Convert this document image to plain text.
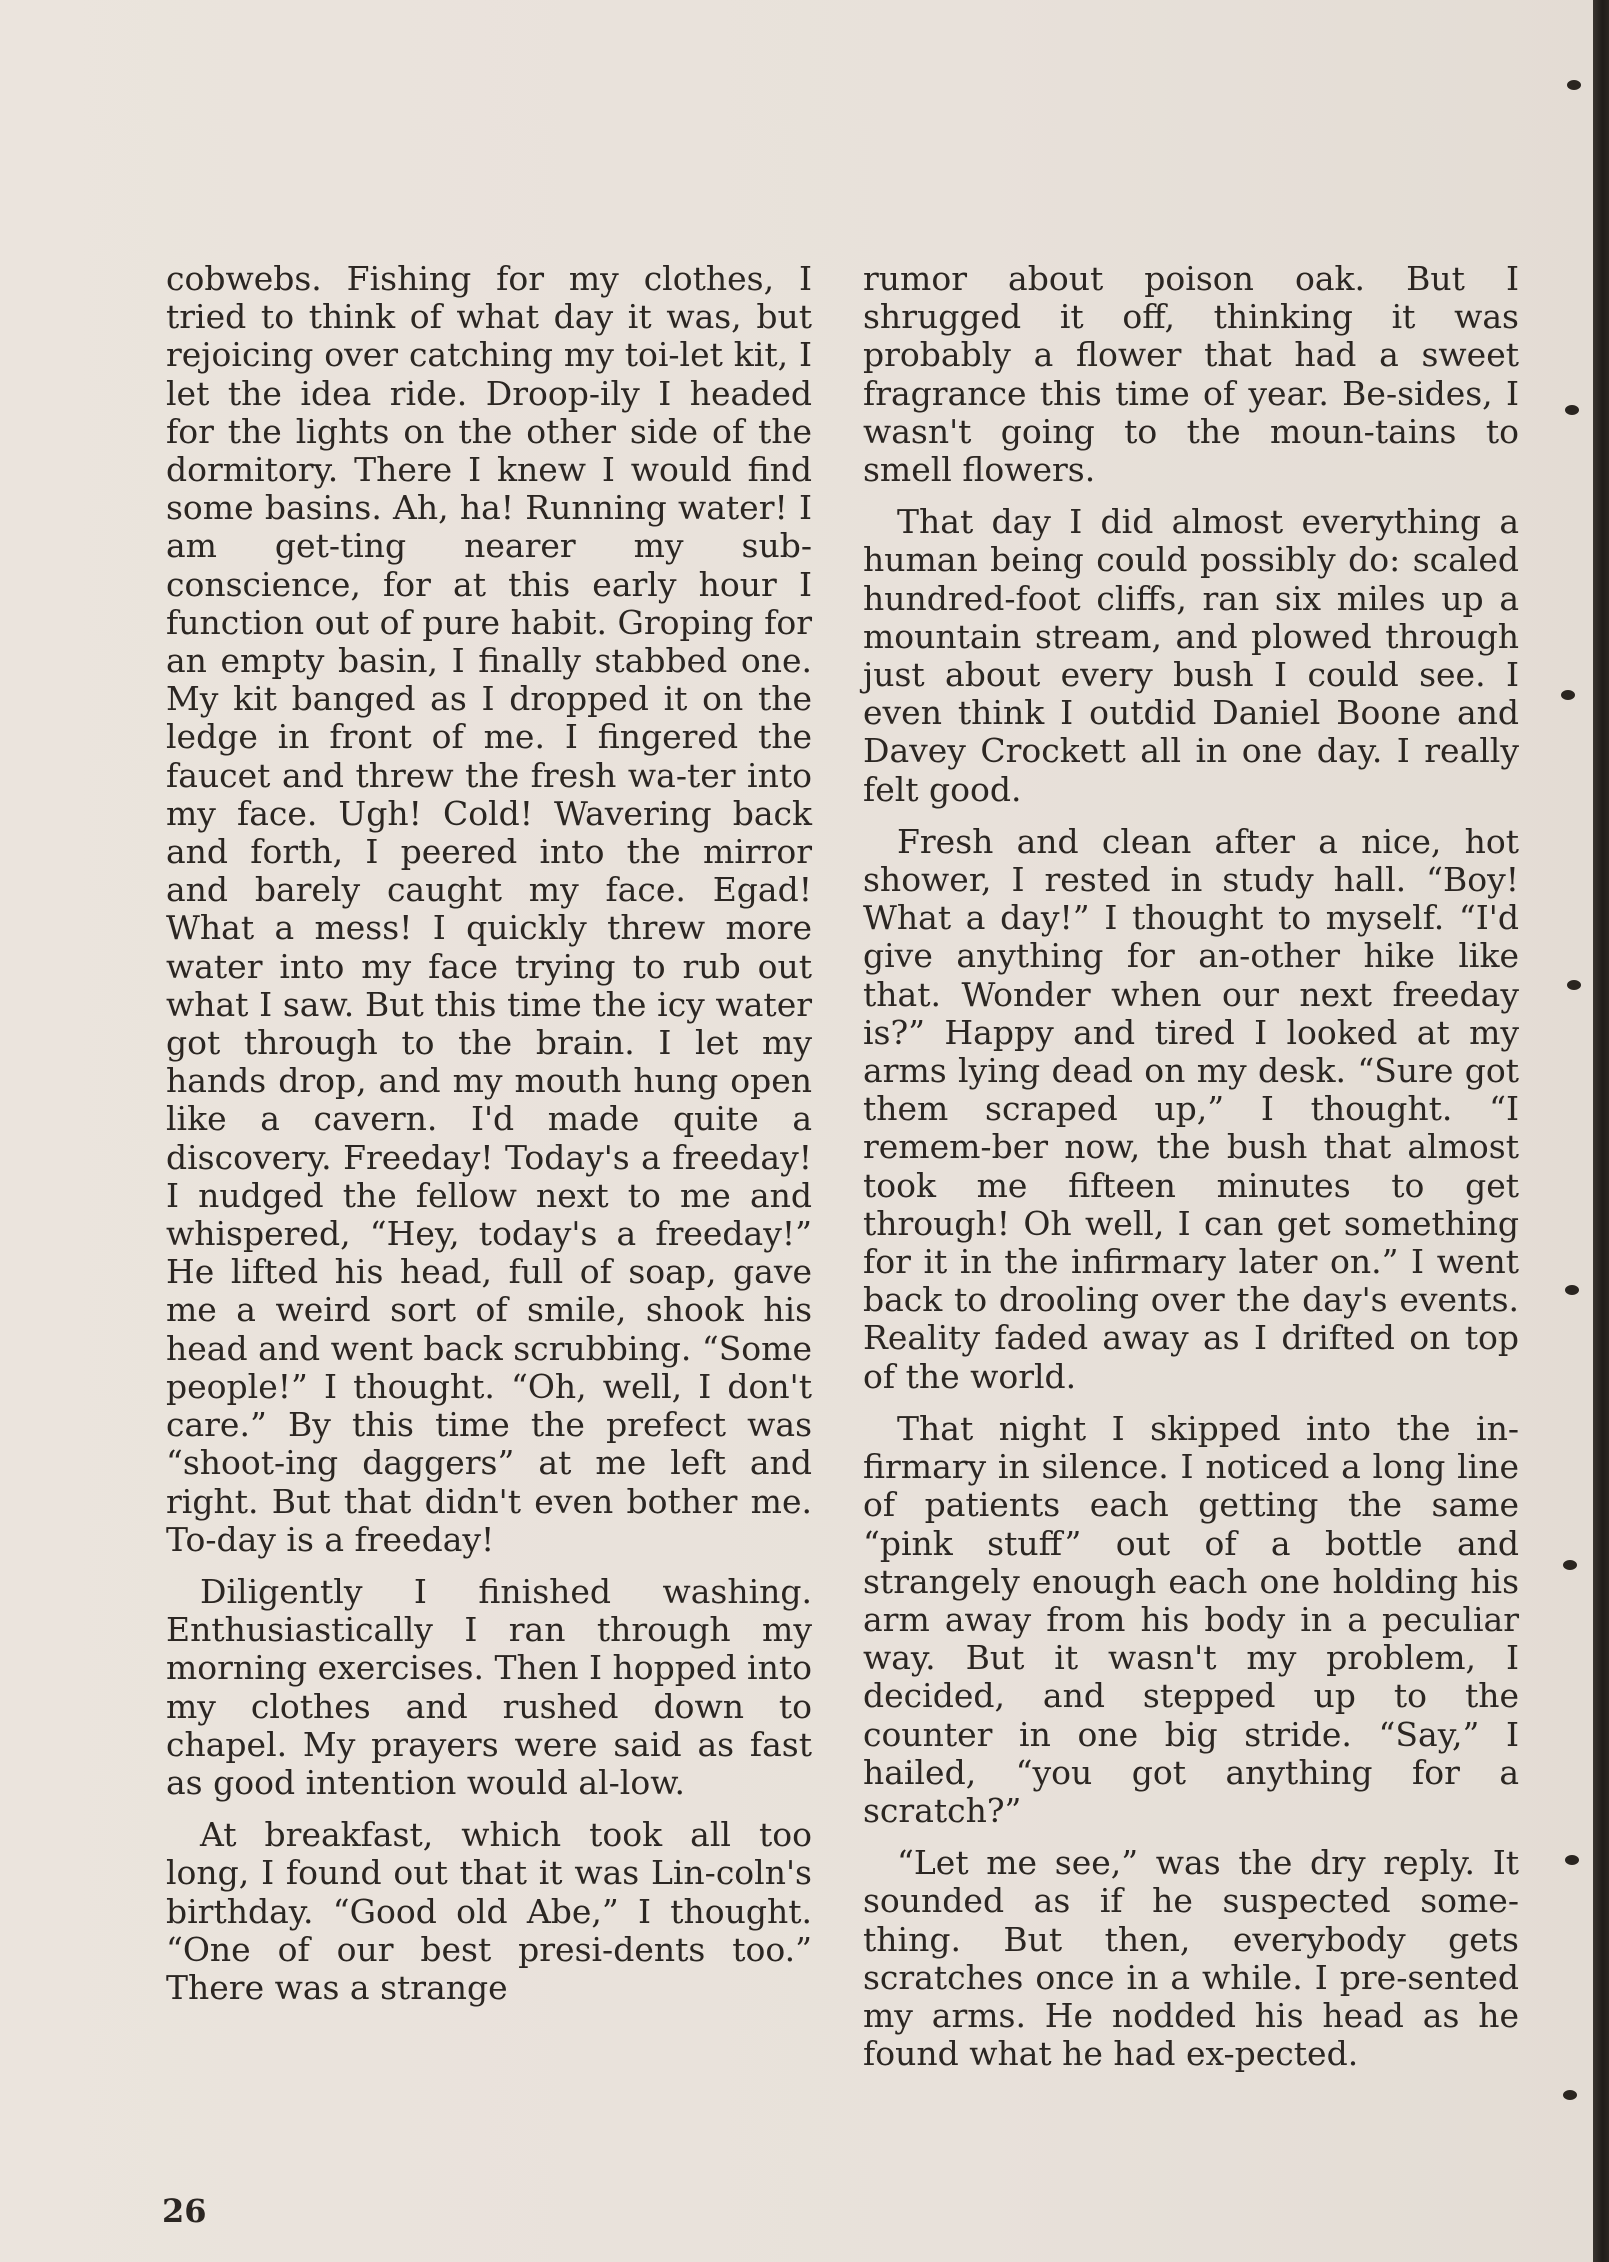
cobwebs. Fishing for my clothes, I tried to think of what day it was, but rejoicing over catching my toi-let kit, I let the idea ride. Droop-ily I headed for the lights on the other side of the dormitory. There I knew I would find some basins. Ah, ha! Running water! I am get-ting nearer my sub-conscience, for at this early hour I function out of pure habit. Groping for an empty basin, I finally stabbed one. My kit banged as I dropped it on the ledge in front of me. I fingered the faucet and threw the fresh wa-ter into my face. Ugh! Cold! Wavering back and forth, I peered into the mirror and barely caught my face. Egad! What a mess! I quickly threw more water into my face trying to rub out what I saw. But this time the icy water got through to the brain. I let my hands drop, and my mouth hung open like a cavern. I'd made quite a discovery. Freeday! Today's a freeday! I nudged the fellow next to me and whispered, “Hey, today's a freeday!” He lifted his head, full of soap, gave me a weird sort of smile, shook his head and went back scrubbing. “Some people!” I thought. “Oh, well, I don't care.” By this time the prefect was “shoot-ing daggers” at me left and right. But that didn't even bother me. To-day is a freeday!

Diligently I finished washing. Enthusiastically I ran through my morning exercises. Then I hopped into my clothes and rushed down to chapel. My prayers were said as fast as good intention would al-low.

At breakfast, which took all too long, I found out that it was Lin-coln's birthday. “Good old Abe,” I thought. “One of our best presi-dents too.” There was a strange

rumor about poison oak. But I shrugged it off, thinking it was probably a flower that had a sweet fragrance this time of year. Be-sides, I wasn't going to the moun-tains to smell flowers.

That day I did almost everything a human being could possibly do: scaled hundred-foot cliffs, ran six miles up a mountain stream, and plowed through just about every bush I could see. I even think I outdid Daniel Boone and Davey Crockett all in one day. I really felt good.

Fresh and clean after a nice, hot shower, I rested in study hall. “Boy! What a day!” I thought to myself. “I'd give anything for an-other hike like that. Wonder when our next freeday is?” Happy and tired I looked at my arms lying dead on my desk. “Sure got them scraped up,” I thought. “I remem-ber now, the bush that almost took me fifteen minutes to get through! Oh well, I can get something for it in the infirmary later on.” I went back to drooling over the day's events. Reality faded away as I drifted on top of the world.

That night I skipped into the in-firmary in silence. I noticed a long line of patients each getting the same “pink stuff” out of a bottle and strangely enough each one holding his arm away from his body in a peculiar way. But it wasn't my problem, I decided, and stepped up to the counter in one big stride. “Say,” I hailed, “you got anything for a scratch?”

“Let me see,” was the dry reply. It sounded as if he suspected some-thing. But then, everybody gets scratches once in a while. I pre-sented my arms. He nodded his head as he found what he had ex-pected.

26
